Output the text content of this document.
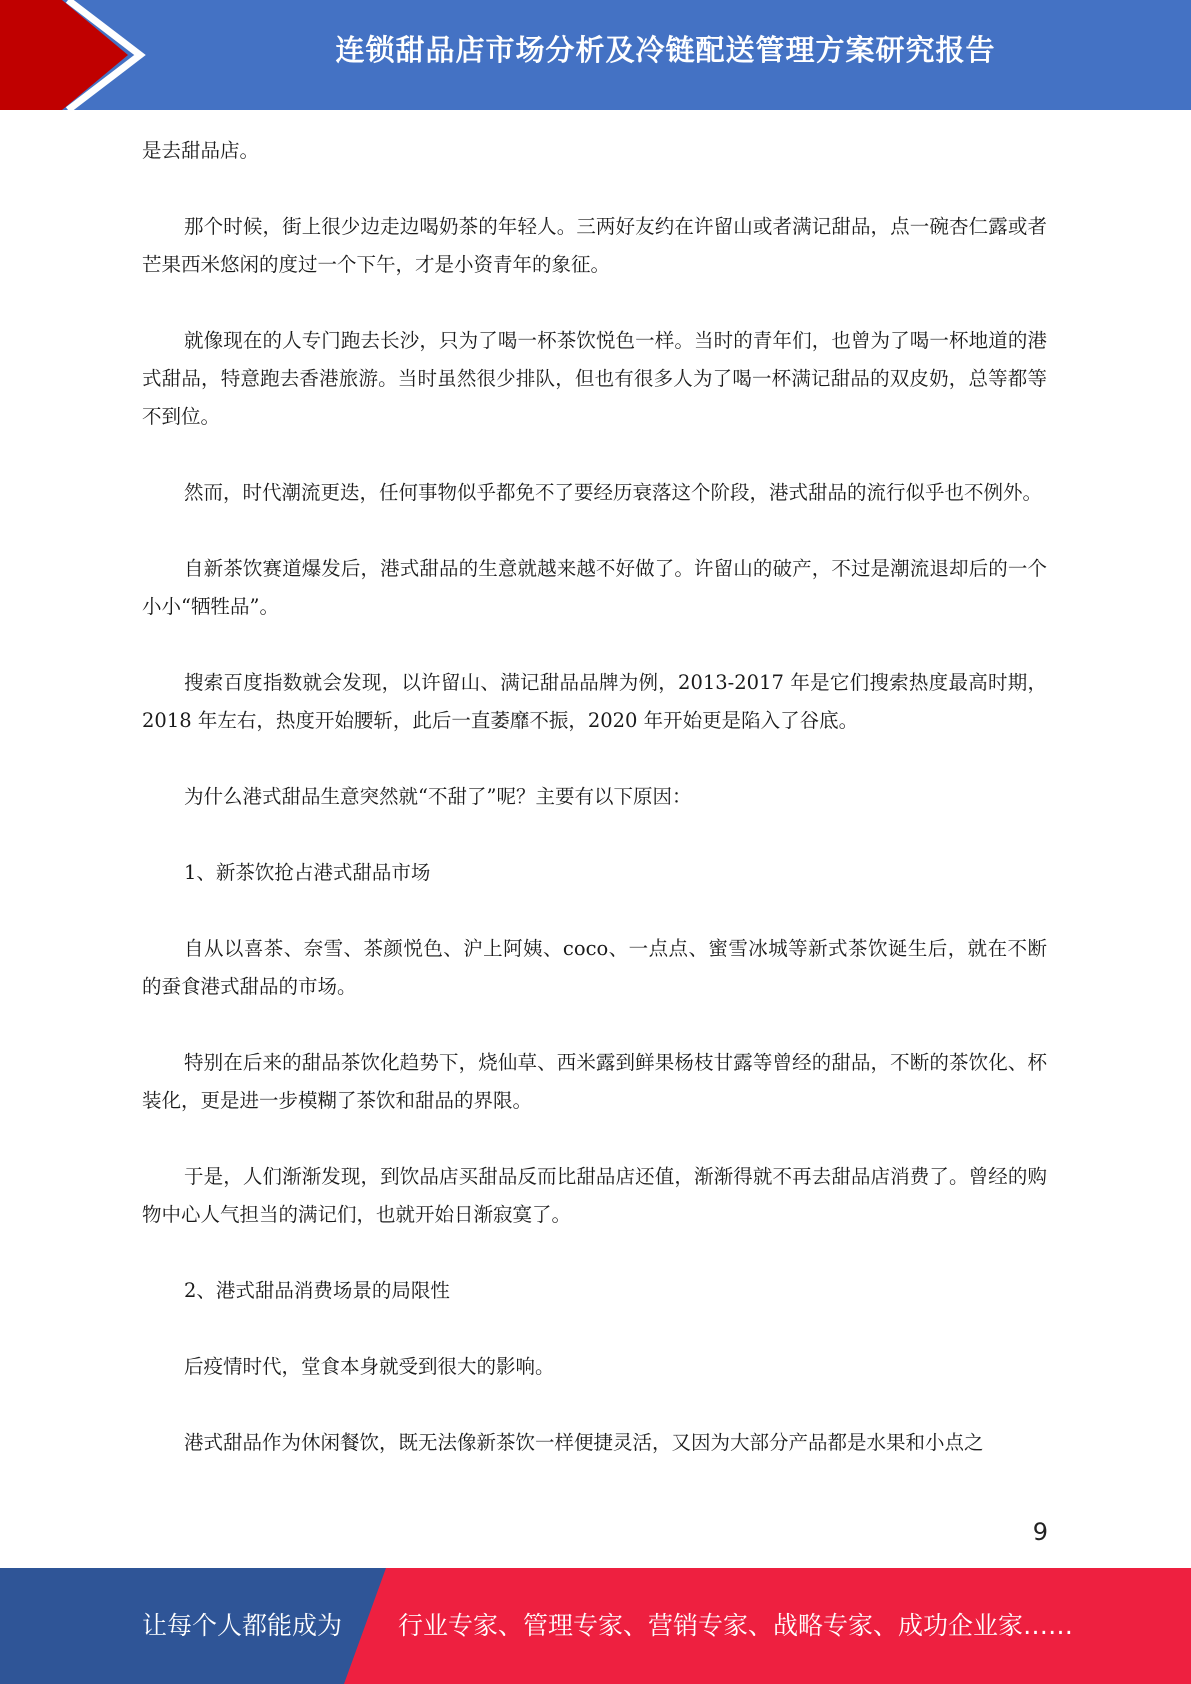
连锁甜品店市场分析及冷链配送管理方案研究报告

是去甜品店。

那个时候，街上很少边走边喝奶茶的年轻人。三两好友约在许留山或者满记甜品，点一碗杏仁露或者芒果西米悠闲的度过一个下午，才是小资青年的象征。

就像现在的人专门跑去长沙，只为了喝一杯茶饮悦色一样。当时的青年们，也曾为了喝一杯地道的港式甜品，特意跑去香港旅游。当时虽然很少排队，但也有很多人为了喝一杯满记甜品的双皮奶，总等都等不到位。

然而，时代潮流更迭，任何事物似乎都免不了要经历衰落这个阶段，港式甜品的流行似乎也不例外。

自新茶饮赛道爆发后，港式甜品的生意就越来越不好做了。许留山的破产，不过是潮流退却后的一个小小“牺牲品”。

搜索百度指数就会发现，以许留山、满记甜品品牌为例，2013-2017 年是它们搜索热度最高时期，2018 年左右，热度开始腰斩，此后一直萎靡不振，2020 年开始更是陷入了谷底。

为什么港式甜品生意突然就“不甜了”呢？主要有以下原因：

1、新茶饮抢占港式甜品市场

自从以喜茶、奈雪、茶颜悦色、沪上阿姨、coco、一点点、蜜雪冰城等新式茶饮诞生后，就在不断的蚕食港式甜品的市场。

特别在后来的甜品茶饮化趋势下，烧仙草、西米露到鲜果杨枝甘露等曾经的甜品，不断的茶饮化、杯装化，更是进一步模糊了茶饮和甜品的界限。

于是，人们渐渐发现，到饮品店买甜品反而比甜品店还值，渐渐得就不再去甜品店消费了。曾经的购物中心人气担当的满记们，也就开始日渐寂寞了。

2、港式甜品消费场景的局限性

后疫情时代，堂食本身就受到很大的影响。

港式甜品作为休闲餐饮，既无法像新茶饮一样便捷灵活，又因为大部分产品都是水果和小点之

9
让每个人都能成为 行业专家、管理专家、营销专家、战略专家、成功企业家……
